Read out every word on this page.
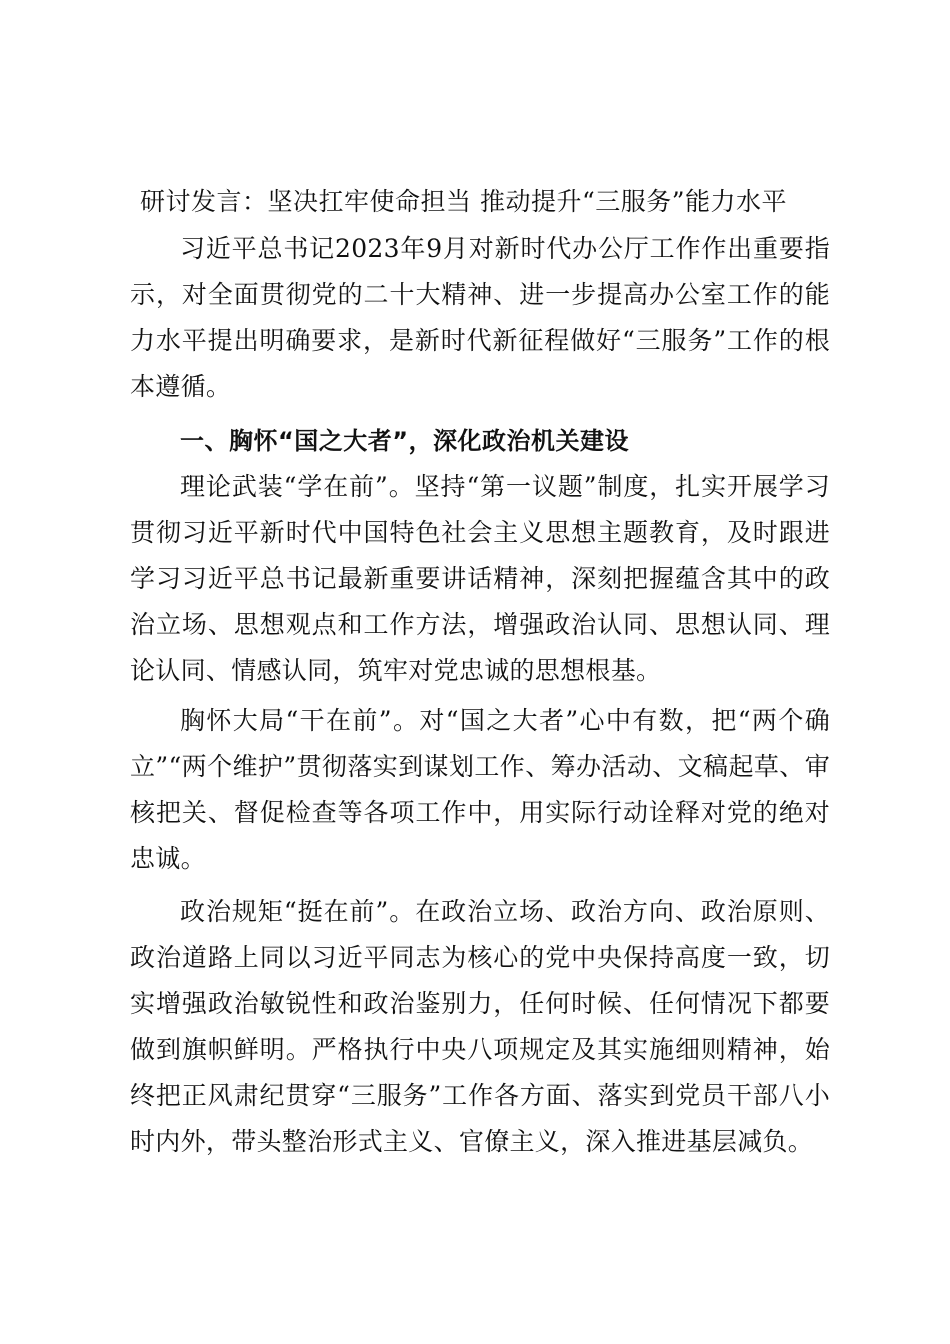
研讨发言：坚决扛牢使命担当 推动提升“三服务”能力水平

习近平总书记2023年9月对新时代办公厅工作作出重要指示，对全面贯彻党的二十大精神、进一步提高办公室工作的能力水平提出明确要求，是新时代新征程做好“三服务”工作的根本遵循。

一、胸怀“国之大者”，深化政治机关建设

理论武装“学在前”。坚持“第一议题”制度，扎实开展学习贯彻习近平新时代中国特色社会主义思想主题教育，及时跟进学习习近平总书记最新重要讲话精神，深刻把握蕴含其中的政治立场、思想观点和工作方法，增强政治认同、思想认同、理论认同、情感认同，筑牢对党忠诚的思想根基。

胸怀大局“干在前”。对“国之大者”心中有数，把“两个确立”“两个维护”贯彻落实到谋划工作、筹办活动、文稿起草、审核把关、督促检查等各项工作中，用实际行动诠释对党的绝对忠诚。

政治规矩“挺在前”。在政治立场、政治方向、政治原则、政治道路上同以习近平同志为核心的党中央保持高度一致，切实增强政治敏锐性和政治鉴别力，任何时候、任何情况下都要做到旗帜鲜明。严格执行中央八项规定及其实施细则精神，始终把正风肃纪贯穿“三服务”工作各方面、落实到党员干部八小时内外，带头整治形式主义、官僚主义，深入推进基层减负。
